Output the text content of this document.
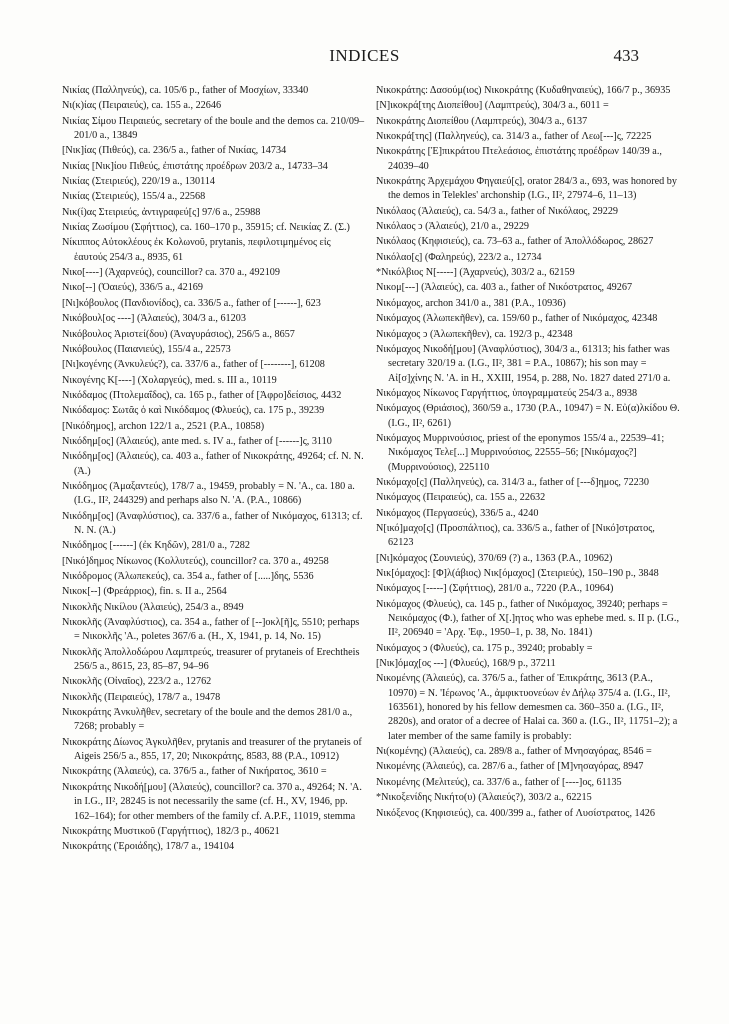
INDICES	433

Νικίας (Παλληνεύς), ca. 105/6 p., father of Μοσχίων, 33340

Νι(κ)ίας (Πειραιεύς), ca. 155 a., 22646

Νικίας Σίμου Πειραιεύς, secretary of the boule and the demos ca. 210/09–201/0 a., 13849

[Νικ]ίας (Πιθεύς), ca. 236/5 a., father of Νικίας, 14734

Νικίας [Νικ]ίου Πιθεύς, ἐπιστάτης προέδρων 203/2 a., 14733–34

Νικίας (Στειριεύς), 220/19 a., 130114

Νικίας (Στειριεύς), 155/4 a., 22568

Νικ(ί)ας Στειριεύς, ἀντιγραφεύ[ς] 97/6 a., 25988

Νικίας Ζωσίμου (Σφήττιος), ca. 160–170 p., 35915; cf. Νεικίας Ζ. (Σ.)

Νίκιππος Αὐτοκλέους ἐκ Κολωνοῦ, prytanis, πεφιλοτιμημένος εἰς ἑαυτούς 254/3 a., 8935, 61

Νικο[----] (Ἀχαρνεύς), councillor? ca. 370 a., 492109

Νικο[--] (Ὀαιεύς), 336/5 a., 42169

[Νι]κόβουλος (Πανδιονίδος), ca. 336/5 a., father of [------], 623

Νικόβουλ[ος ----] (Ἁλαιεύς), 304/3 a., 61203

Νικόβουλος Ἀριστεί(δου) (Ἀναγυράσιος), 256/5 a., 8657

Νικόβουλος (Παιανιεύς), 155/4 a., 22573

[Νι]κογένης (Ἀνκυλεύς?), ca. 337/6 a., father of [--------], 61208

Νικογένης Κ[----] (Χολαργεύς), med. s. III a., 10119

Νικόδαμος (Πτολεμαΐδος), ca. 165 p., father of [Ἀφρο]δείσιος, 4432

Νικόδαμος: Σωτᾶς ὁ καὶ Νικόδαμος (Φλυεύς), ca. 175 p., 39239

[Νικόδημος], archon 122/1 a., 2521 (P.A., 10858)

Νικόδημ[ος] (Ἁλαιεύς), ante med. s. IV a., father of [------]ς, 3110

Νικόδημ[ος] (Ἁλαιεύς), ca. 403 a., father of Νικοκράτης, 49264; cf. N. N. (Ἁ.)

Νικόδημος (Ἀμαξαντεύς), 178/7 a., 19459, probably = N. 'A., ca. 180 a. (I.G., II², 244329) and perhaps also N. 'A. (P.A., 10866)

Νικόδημ[ος] (Ἀναφλύστιος), ca. 337/6 a., father of Νικόμαχος, 61313; cf. N. N. (Ἁ.)

Νικόδημος [------] (ἐκ Κηδῶν), 281/0 a., 7282

[Νικό]δημος Νίκωνος (Κολλυτεύς), councillor? ca. 370 a., 49258

Νικόδρομος (Ἀλωπεκεύς), ca. 354 a., father of [.....]δης, 5536

Νικοκ[--] (Φρεάρριος), fin. s. II a., 2564

Νικοκλῆς Νικίλου (Ἁλαιεύς), 254/3 a., 8949

Νικοκλῆς (Ἀναφλύστιος), ca. 354 a., father of [--]οκλ[ῆ]ς, 5510; perhaps = Νικοκλῆς 'A., poletes 367/6 a. (H., X, 1941, p. 14, No. 15)

Νικοκλῆς Ἀπολλοδώρου Λαμπτρεύς, treasurer of prytaneis of Erechtheis 256/5 a., 8615, 23, 85–87, 94–96

Νικοκλῆς (Οἰναῖος), 223/2 a., 12762

Νικοκλῆς (Πειραιεύς), 178/7 a., 19478

Νικοκράτης Ἀνκυλῆθεν, secretary of the boule and the demos 281/0 a., 7268; probably =

Νικοκράτης Δίωνος Ἀγκυλῆθεν, prytanis and treasurer of the prytaneis of Aigeis 256/5 a., 855, 17, 20; Νικοκράτης, 8583, 88 (P.A., 10912)

Νικοκράτης (Ἁλαιεύς), ca. 376/5 a., father of Νικήρατος, 3610 =

Νικοκράτης Νικοδή[μου] (Ἁλαιεύς), councillor? ca. 370 a., 49264; N. 'A. in I.G., II², 28245 is not necessarily the same (cf. H., XV, 1946, pp. 162–164); for other members of the family cf. A.P.F., 11019, stemma

Νικοκράτης Μυστικοῦ (Γαργήττιος), 182/3 p., 40621

Νικοκράτης (Ἐροιάδης), 178/7 a., 194104

Νικοκράτης: Δασούμ(ιος) Νικοκράτης (Κυδαθηναιεύς), 166/7 p., 36935

[N]ικοκρά[της Διοπείθου] (Λαμπτρεύς), 304/3 a., 6011 =

Νικοκράτης Διοπείθου (Λαμπτρεύς), 304/3 a., 6137

Νικοκρά[της] (Παλληνεύς), ca. 314/3 a., father of Λεω[---]ς, 72225

Νικοκράτης [Ἐ]πικράτου Πτελεάσιος, ἐπιστάτης προέδρων 140/39 a., 24039–40

Νικοκράτης Ἀρχεμάχου Φηγαιεύ[ς], orator 284/3 a., 693, was honored by the demos in Telekles' archonship (I.G., II², 27974–6, 11–13)

Νικόλαος (Ἁλαιεύς), ca. 54/3 a., father of Νικόλαος, 29229

Νικόλαος ͻ (Ἁλαιεύς), 21/0 a., 29229

Νικόλαος (Κηφισιεύς), ca. 73–63 a., father of Ἀπολλόδωρος, 28627

Νικόλαο[ς] (Φαληρεύς), 223/2 a., 12734

*Νικόλβιος Ν[-----] (Ἀχαρνεύς), 303/2 a., 62159

Νικομ[---] (Ἁλαιεύς), ca. 403 a., father of Νικόστρατος, 49267

Νικόμαχος, archon 341/0 a., 381 (P.A., 10936)

Νικόμαχος (Ἀλωπεκῆθεν), ca. 159/60 p., father of Νικόμαχος, 42348

Νικόμαχος ͻ (Ἀλωπεκῆθεν), ca. 192/3 p., 42348

Νικόμαχος Νικοδή[μου] (Ἀναφλύστιος), 304/3 a., 61313; his father was secretary 320/19 a. (I.G., II², 381 = P.A., 10867); his son may = Αἰ[σ]χίνης N. 'A. in H., XXIII, 1954, p. 288, No. 1827 dated 271/0 a.

Νικόμαχος Νίκωνος Γαργήττιος, ὑπογραμματεύς 254/3 a., 8938

Νικόμαχος (Θριάσιος), 360/59 a., 1730 (P.A., 10947) = N. Εὐ(α)λκίδου Θ. (I.G., II², 6261)

Νικόμαχος Μυρρινούσιος, priest of the eponymos 155/4 a., 22539–41; Νικόμαχος Τελε[...] Μυρρινούσιος, 22555–56; [Νικόμαχος?] (Μυρρινούσιος), 225110

Νικόμαχο[ς] (Παλληνεύς), ca. 314/3 a., father of [---δ]ημος, 72230

Νικόμαχος (Πειραιεύς), ca. 155 a., 22632

Νικόμαχος (Περγασεύς), 336/5 a., 4240

N[ικό]μαχο[ς] (Προσπάλτιος), ca. 336/5 a., father of [Νικό]στρατος, 62123

[Νι]κόμαχος (Σουνιεύς), 370/69 (?) a., 1363 (P.A., 10962)

Νικ[όμαχος]: [Φ]λ(άβιος) Νικ[όμαχος] (Στειριεύς), 150–190 p., 3848

Νικόμαχος [-----] (Σφήττιος), 281/0 a., 7220 (P.A., 10964)

Νικόμαχος (Φλυεύς), ca. 145 p., father of Νικόμαχος, 39240; perhaps = Νεικόμαχος (Φ.), father of Χ[.]ητος who was ephebe med. s. II p. (I.G., II², 206940 = 'Αρχ. 'Εφ., 1950–1, p. 38, No. 1841)

Νικόμαχος ͻ (Φλυεύς), ca. 175 p., 39240; probably =

[Νικ]όμαχ[ος ---] (Φλυεύς), 168/9 p., 37211

Νικομένης (Ἁλαιεύς), ca. 376/5 a., father of Ἐπικράτης, 3613 (P.A., 10970) = N. 'Ιέρωνος 'A., ἀμφικτυονεύων ἐν Δήλῳ 375/4 a. (I.G., II², 163561), honored by his fellow demesmen ca. 360–350 a. (I.G., II², 2820s), and orator of a decree of Halai ca. 360 a. (I.G., II², 11751–2); a later member of the same family is probably:

Νι(κομένης) (Ἁλαιεύς), ca. 289/8 a., father of Μνησαγόρας, 8546 =

Νικομένης (Ἁλαιεύς), ca. 287/6 a., father of [M]νησαγόρας, 8947

Νικομένης (Μελιτεύς), ca. 337/6 a., father of [----]ος, 61135

*Νικοξενίδης Νικήτο(υ) (Ἁλαιεύς?), 303/2 a., 62215

Νικόξενος (Κηφισιεύς), ca. 400/399 a., father of Λυσίστρατος, 1426
